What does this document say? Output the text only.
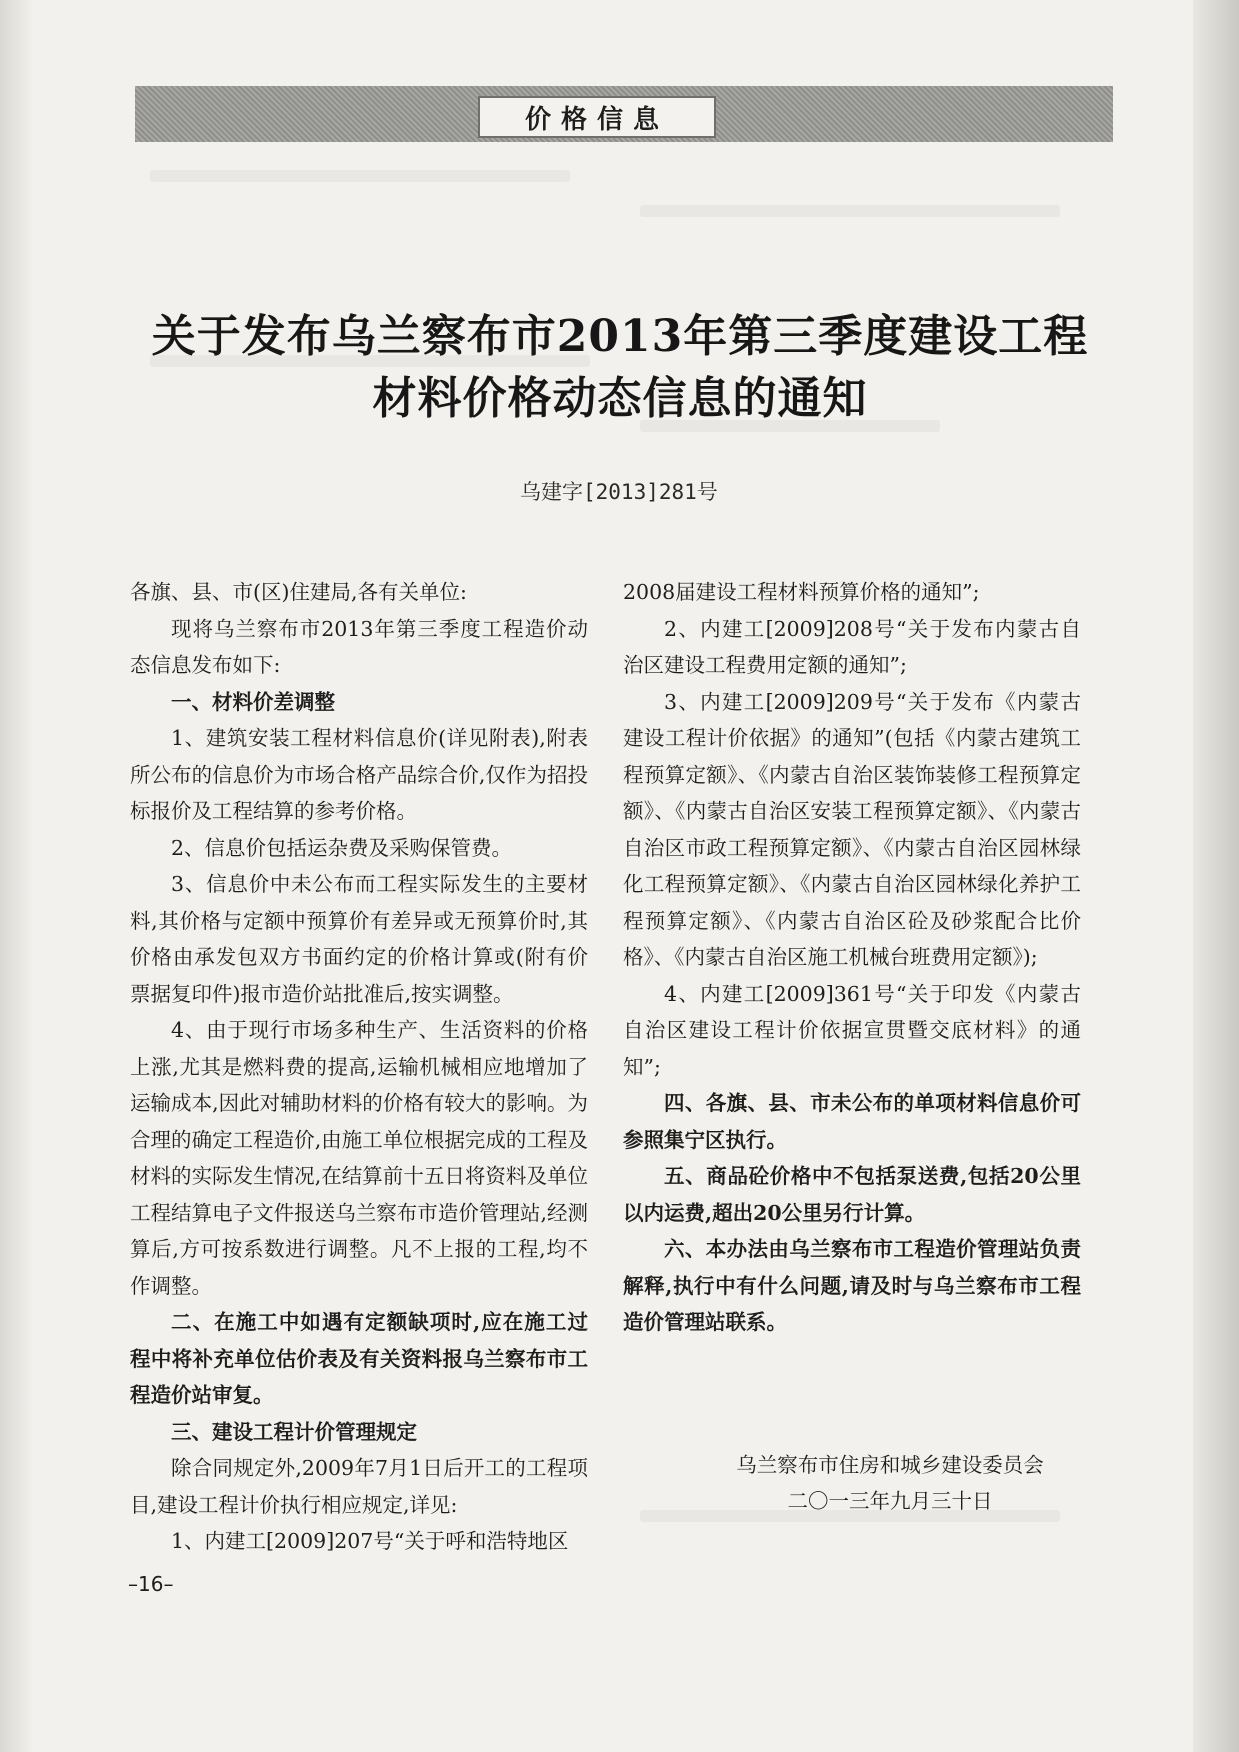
价格信息
关于发布乌兰察布市2013年第三季度建设工程
材料价格动态信息的通知
乌建字[2013]281号

各旗、县、市(区)住建局,各有关单位:

现将乌兰察布市2013年第三季度工程造价动态信息发布如下:

一、材料价差调整

1、建筑安装工程材料信息价(详见附表),附表所公布的信息价为市场合格产品综合价,仅作为招投标报价及工程结算的参考价格。

2、信息价包括运杂费及采购保管费。

3、信息价中未公布而工程实际发生的主要材料,其价格与定额中预算价有差异或无预算价时,其价格由承发包双方书面约定的价格计算或(附有价票据复印件)报市造价站批准后,按实调整。

4、由于现行市场多种生产、生活资料的价格上涨,尤其是燃料费的提高,运输机械相应地增加了运输成本,因此对辅助材料的价格有较大的影响。为合理的确定工程造价,由施工单位根据完成的工程及材料的实际发生情况,在结算前十五日将资料及单位工程结算电子文件报送乌兰察布市造价管理站,经测算后,方可按系数进行调整。凡不上报的工程,均不作调整。

二、在施工中如遇有定额缺项时,应在施工过程中将补充单位估价表及有关资料报乌兰察布市工程造价站审复。

三、建设工程计价管理规定

除合同规定外,2009年7月1日后开工的工程项目,建设工程计价执行相应规定,详见:

1、内建工[2009]207号“关于呼和浩特地区

2008届建设工程材料预算价格的通知”;

2、内建工[2009]208号“关于发布内蒙古自治区建设工程费用定额的通知”;

3、内建工[2009]209号“关于发布《内蒙古建设工程计价依据》的通知”(包括《内蒙古建筑工程预算定额》、《内蒙古自治区装饰装修工程预算定额》、《内蒙古自治区安装工程预算定额》、《内蒙古自治区市政工程预算定额》、《内蒙古自治区园林绿化工程预算定额》、《内蒙古自治区园林绿化养护工程预算定额》、《内蒙古自治区砼及砂浆配合比价格》、《内蒙古自治区施工机械台班费用定额》);

4、内建工[2009]361号“关于印发《内蒙古自治区建设工程计价依据宣贯暨交底材料》的通知”;

四、各旗、县、市未公布的单项材料信息价可参照集宁区执行。

五、商品砼价格中不包括泵送费,包括20公里以内运费,超出20公里另行计算。

六、本办法由乌兰察布市工程造价管理站负责解释,执行中有什么问题,请及时与乌兰察布市工程造价管理站联系。

乌兰察布市住房和城乡建设委员会
二〇一三年九月三十日
–16–
